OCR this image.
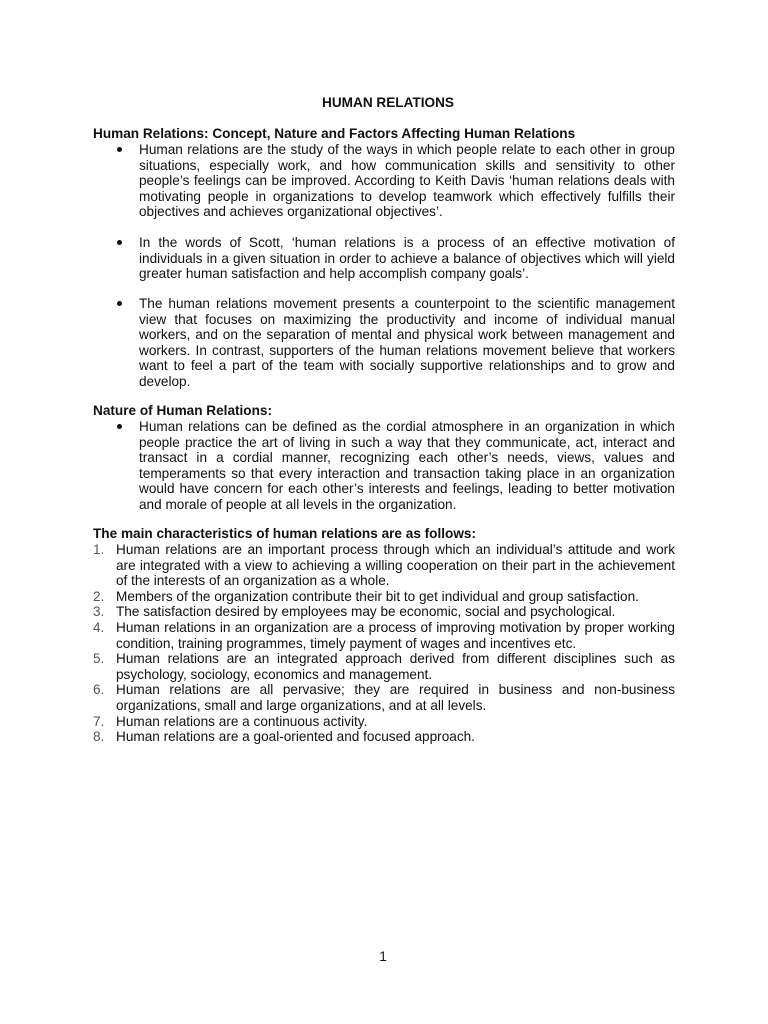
HUMAN RELATIONS
Human Relations: Concept, Nature and Factors Affecting Human Relations
Human relations are the study of the ways in which people relate to each other in group situations, especially work, and how communication skills and sensitivity to other people’s feelings can be improved. According to Keith Davis ‘human relations deals with motivating people in organizations to develop teamwork which effectively fulfills their objectives and achieves organizational objectives’.
In the words of Scott, ‘human relations is a process of an effective motivation of individuals in a given situation in order to achieve a balance of objectives which will yield greater human satisfaction and help accomplish company goals’.
The human relations movement presents a counterpoint to the scientific management view that focuses on maximizing the productivity and income of individual manual workers, and on the separation of mental and physical work between management and workers. In contrast, supporters of the human relations movement believe that workers want to feel a part of the team with socially supportive relationships and to grow and develop.
Nature of Human Relations:
Human relations can be defined as the cordial atmosphere in an organization in which people practice the art of living in such a way that they communicate, act, interact and transact in a cordial manner, recognizing each other’s needs, views, values and temperaments so that every interaction and transaction taking place in an organization would have concern for each other’s interests and feelings, leading to better motivation and morale of people at all levels in the organization.
The main characteristics of human relations are as follows:
1. Human relations are an important process through which an individual’s attitude and work are integrated with a view to achieving a willing cooperation on their part in the achievement of the interests of an organization as a whole.
2. Members of the organization contribute their bit to get individual and group satisfaction.
3. The satisfaction desired by employees may be economic, social and psychological.
4. Human relations in an organization are a process of improving motivation by proper working condition, training programmes, timely payment of wages and incentives etc.
5. Human relations are an integrated approach derived from different disciplines such as psychology, sociology, economics and management.
6. Human relations are all pervasive; they are required in business and non-business organizations, small and large organizations, and at all levels.
7. Human relations are a continuous activity.
8. Human relations are a goal-oriented and focused approach.
1
